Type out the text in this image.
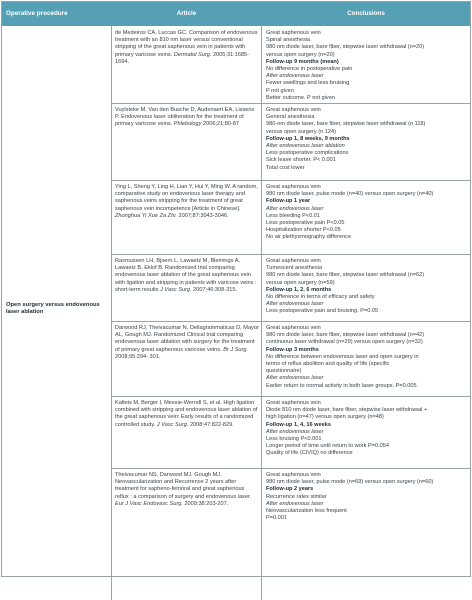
Operative procedure	Article	Conclusions
Open surgery versus endovenous laser ablation
de Medeiros CA, Luccas GC. Comparison of endovenous treatment with an 810 nm laser versus conventional stripping of the great saphenous vein in patients with primary varicose veins. Dermatol Surg. 2005;31:1685-1694.
Great saphenous vein
Spinal anesthesia
980 nm diode laser, bare fiber, stepwise laser withdrawal (n=20)
versus open surgery (n=20)
Follow-up 9 months (mean)
No difference in postoperative pain
After endovenous laser
Fewer swellings and less bruising
P not given
Better outcome. P not given
Vuylsteke M, Van den Busche D, Audenaert EA, Lissens P. Endovenous laser obliteration for the treatment of primary varicose veins. Phlebology 2006;21:80-87
Great saphenous vein
General anesthesia
980-nm diode laser, bare fiber, stepwise laser withdrawal (n 118)
versus open surgery (n 124)
Follow-up 1, 8 weeks, 9 months
After endovenous laser ablation
Less postoperative complications
Sick leave shorter. P< 0.001
Total cost lower
Ying L, Sheng Y, Ling H, Lian Y, Hui Y, Ming W. A random, comparative study on endovenous laser therapy and saphenous veins stripping for the treatment of great saphenous vein incompetence [Article in Chinese]. Zhonghua Yi Xue Za Zhi. 2007;87:3043-3046.
Great saphenous vein
980 nm diode laser, pulse mode (n=40) versus open surgery (n=40)
Follow-up 1 year
After endovenous laser
Less bleeding P<0.01
Less postoperative pain P<0.05
Hospitalization shorter P<0.05
No air plethysmography difference
Rasmussen LH, Bjoern L, Lawaetz M, Blemings A, Lawaetz B, Eklof B. Randomized trial comparing endovenous laser ablation of the great saphenous vein with ligation and stripping in patients with varicose veins : short-term results J Vasc Surg. 2007;46:308-315.
Great saphenous vein
Tumescent anesthesia
980 nm diode laser, bare fiber, stepwise laser withdrawal (n=62)
versus open surgery (n=59)
Follow-up 1, 2, 6 months
No difference in terms of efficacy and safety
After endovenous laser
Less postoperative pain and bruising. P=0.05
Darwood RJ, Theivacumar N, Dellagrammaticas D, Mayor AL, Gough MJ. Randomized Clinical trial comparing endovenous laser ablation with surgery for the treatment of primary great saphenous varicose veins. Br J Surg. 2008;95:294- 301.
Great saphenous vein
980 nm diode laser, bare fiber, stepwise laser withdrawal (n=42)
continuous laser withdrawal (n=29) versus open surgery (n=32)
Follow-up 3 months
No difference between endovenous laser and open surgery in
terms of reflux abolition and quality of life (specific
questionnaire)
After endovenous laser
Earlier return to normal activity in both laser groups. P=0.005
Kalteis M, Berger I, Messie-Werndl S, et al. High ligation combined with stripping and endovenous laser ablation of the great saphenous vein: Early results of a randomized controlled study. J Vasc Surg. 2008;47:822-829.
Great saphenous vein
Diode 810 nm diode laser, bare fiber, stepwise laser withdrawal +
high ligation (n=47) versus open surgery (n=48)
Follow-up 1, 4, 16 weeks
After endovenous laser
Less bruising P<0.001
Longer period of time until return to work P=0.054
Quality of life (CIVIQ) no difference
Theivacumar NS, Darwood MJ, Gough MJ. Neovascularization and Recurrence 2 years after treatment for sapheno-femoral and great saphenous reflux : a comparison of surgery and endovenous laser. Eur J Vasc Endovasc Surg. 2009;38:203-207.
Great saphenous vein
980 nm diode laser, pulse mode (n=69) versus open surgery (n=60)
Follow-up 2 years
Recurrence rates similar
After endovenous laser
Neovascularization less frequent
P=0.001
